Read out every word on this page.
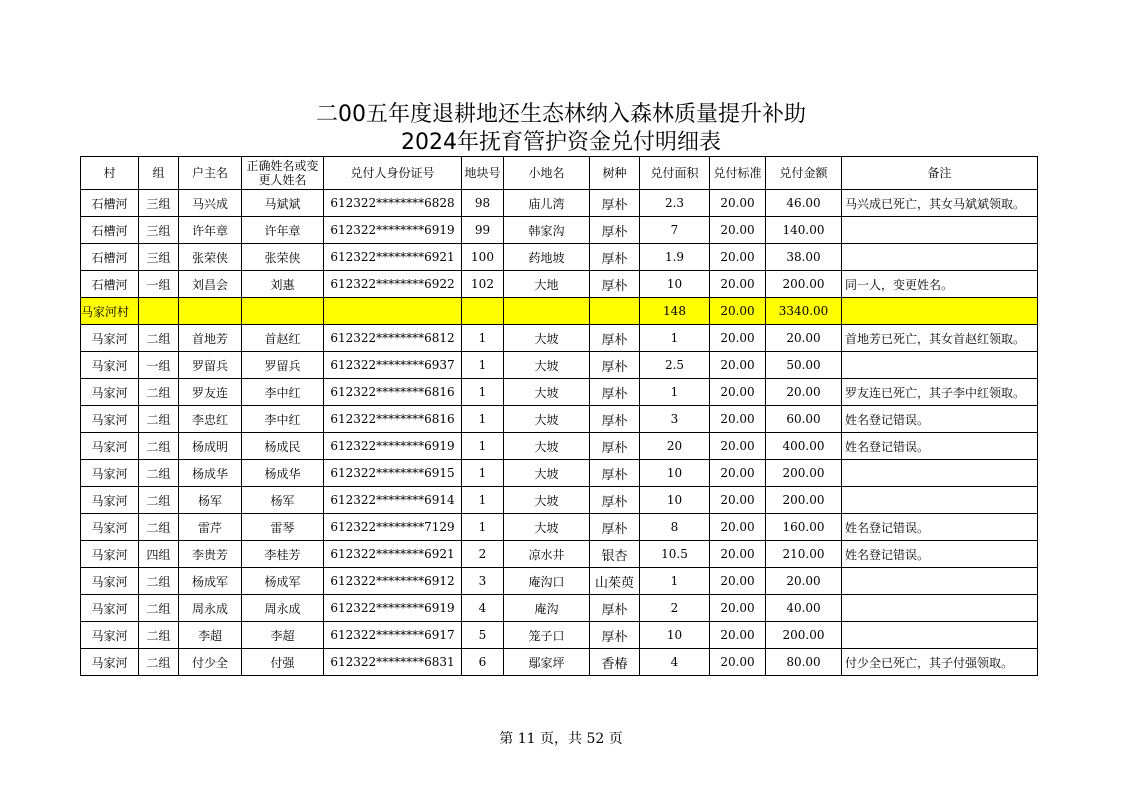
二00五年度退耕地还生态林纳入森林质量提升补助
2024年抚育管护资金兑付明细表
村	组	户主名	正确姓名或变更人姓名	兑付人身份证号	地块号	小地名	树种	兑付面积	兑付标准	兑付金额	备注
石槽河	三组	马兴成	马斌斌	612322********6828	98	庙儿湾	厚朴	2.3	20.00	46.00	马兴成已死亡，其女马斌斌领取。
石槽河	三组	许年章	许年章	612322********6919	99	韩家沟	厚朴	7	20.00	140.00	
石槽河	三组	张荣侠	张荣侠	612322********6921	100	药地坡	厚朴	1.9	20.00	38.00	
石槽河	一组	刘昌会	刘惠	612322********6922	102	大地	厚朴	10	20.00	200.00	同一人，变更姓名。
马家河村								148	20.00	3340.00	
马家河	二组	首地芳	首赵红	612322********6812	1	大坡	厚朴	1	20.00	20.00	首地芳已死亡，其女首赵红领取。
马家河	一组	罗留兵	罗留兵	612322********6937	1	大坡	厚朴	2.5	20.00	50.00	
马家河	二组	罗友连	李中红	612322********6816	1	大坡	厚朴	1	20.00	20.00	罗友连已死亡，其子李中红领取。
马家河	二组	李忠红	李中红	612322********6816	1	大坡	厚朴	3	20.00	60.00	姓名登记错误。
马家河	二组	杨成明	杨成民	612322********6919	1	大坡	厚朴	20	20.00	400.00	姓名登记错误。
马家河	二组	杨成华	杨成华	612322********6915	1	大坡	厚朴	10	20.00	200.00	
马家河	二组	杨军	杨军	612322********6914	1	大坡	厚朴	10	20.00	200.00	
马家河	二组	雷芹	雷琴	612322********7129	1	大坡	厚朴	8	20.00	160.00	姓名登记错误。
马家河	四组	李贵芳	李桂芳	612322********6921	2	凉水井	银杏	10.5	20.00	210.00	姓名登记错误。
马家河	二组	杨成军	杨成军	612322********6912	3	庵沟口	山茱萸	1	20.00	20.00	
马家河	二组	周永成	周永成	612322********6919	4	庵沟	厚朴	2	20.00	40.00	
马家河	二组	李超	李超	612322********6917	5	笼子口	厚朴	10	20.00	200.00	
马家河	二组	付少全	付强	612322********6831	6	鄢家坪	香椿	4	20.00	80.00	付少全已死亡，其子付强领取。
第 11 页，共 52 页
